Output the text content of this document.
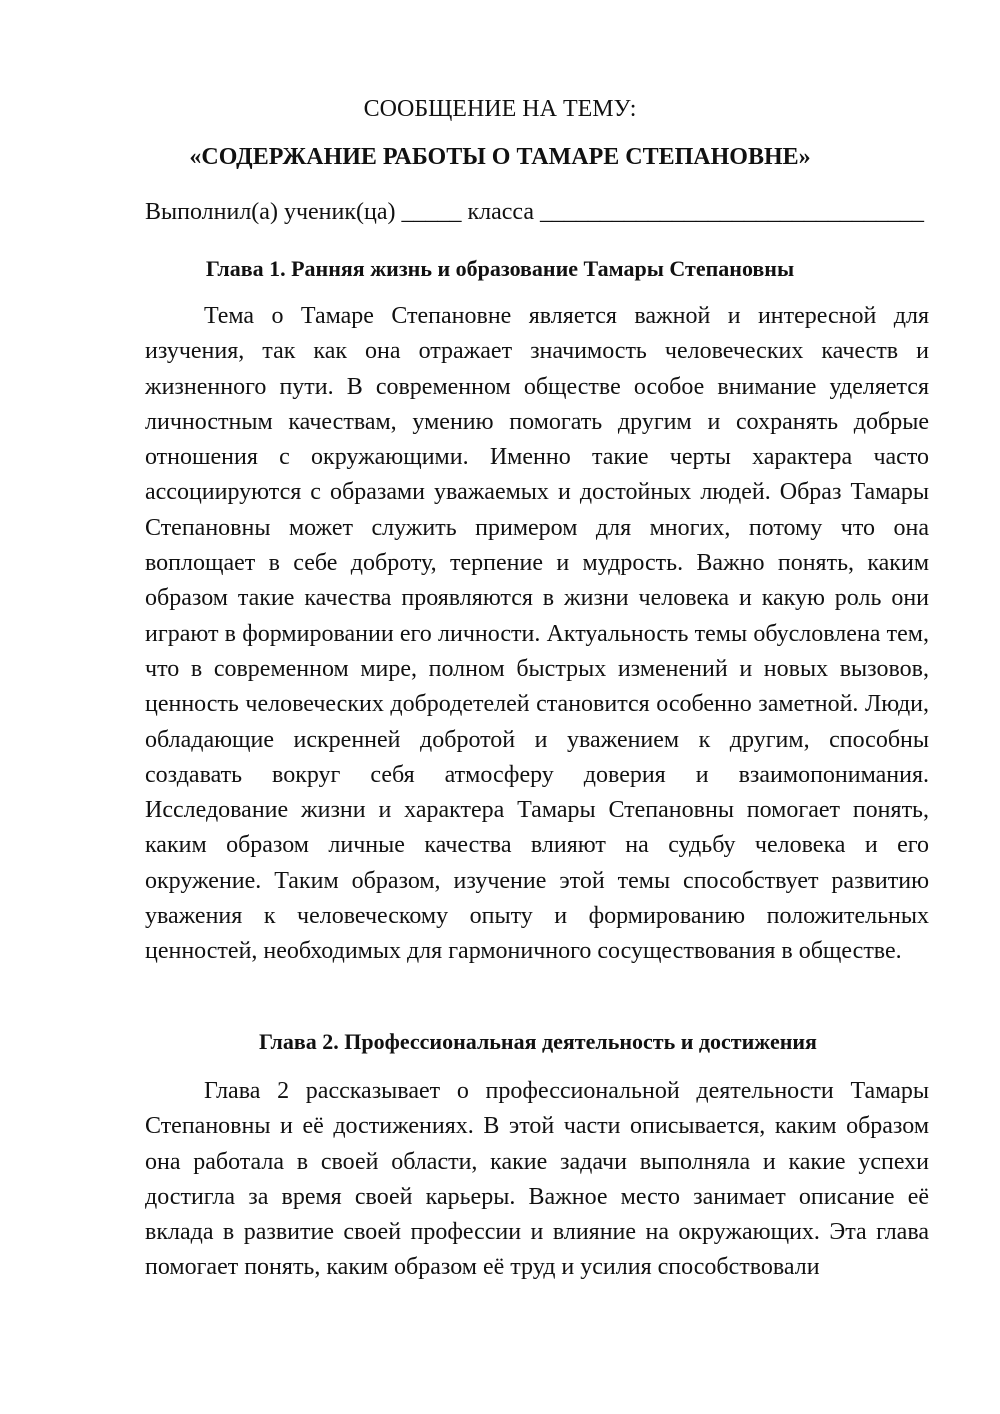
СООБЩЕНИЕ НА ТЕМУ:
«СОДЕРЖАНИЕ РАБОТЫ О ТАМАРЕ СТЕПАНОВНЕ»
Выполнил(а) ученик(ца) _____ класса ________________________________
Глава 1. Ранняя жизнь и образование Тамары Степановны

Тема о Тамаре Степановне является важной и интересной для изучения, так как она отражает значимость человеческих качеств и жизненного пути. В современном обществе особое внимание уделяется личностным качествам, умению помогать другим и сохранять добрые отношения с окружающими. Именно такие черты характера часто ассоциируются с образами уважаемых и достойных людей. Образ Тамары Степановны может служить примером для многих, потому что она воплощает в себе доброту, терпение и мудрость. Важно понять, каким образом такие качества проявляются в жизни человека и какую роль они играют в формировании его личности. Актуальность темы обусловлена тем, что в современном мире, полном быстрых изменений и новых вызовов, ценность человеческих добродетелей становится особенно заметной. Люди, обладающие искренней добротой и уважением к другим, способны создавать вокруг себя атмосферу доверия и взаимопонимания. Исследование жизни и характера Тамары Степановны помогает понять, каким образом личные качества влияют на судьбу человека и его окружение. Таким образом, изучение этой темы способствует развитию уважения к человеческому опыту и формированию положительных ценностей, необходимых для гармоничного сосуществования в обществе.

Глава 2. Профессиональная деятельность и достижения

Глава 2 рассказывает о профессиональной деятельности Тамары Степановны и её достижениях. В этой части описывается, каким образом она работала в своей области, какие задачи выполняла и какие успехи достигла за время своей карьеры. Важное место занимает описание её вклада в развитие своей профессии и влияние на окружающих. Эта глава помогает понять, каким образом её труд и усилия способствовали
